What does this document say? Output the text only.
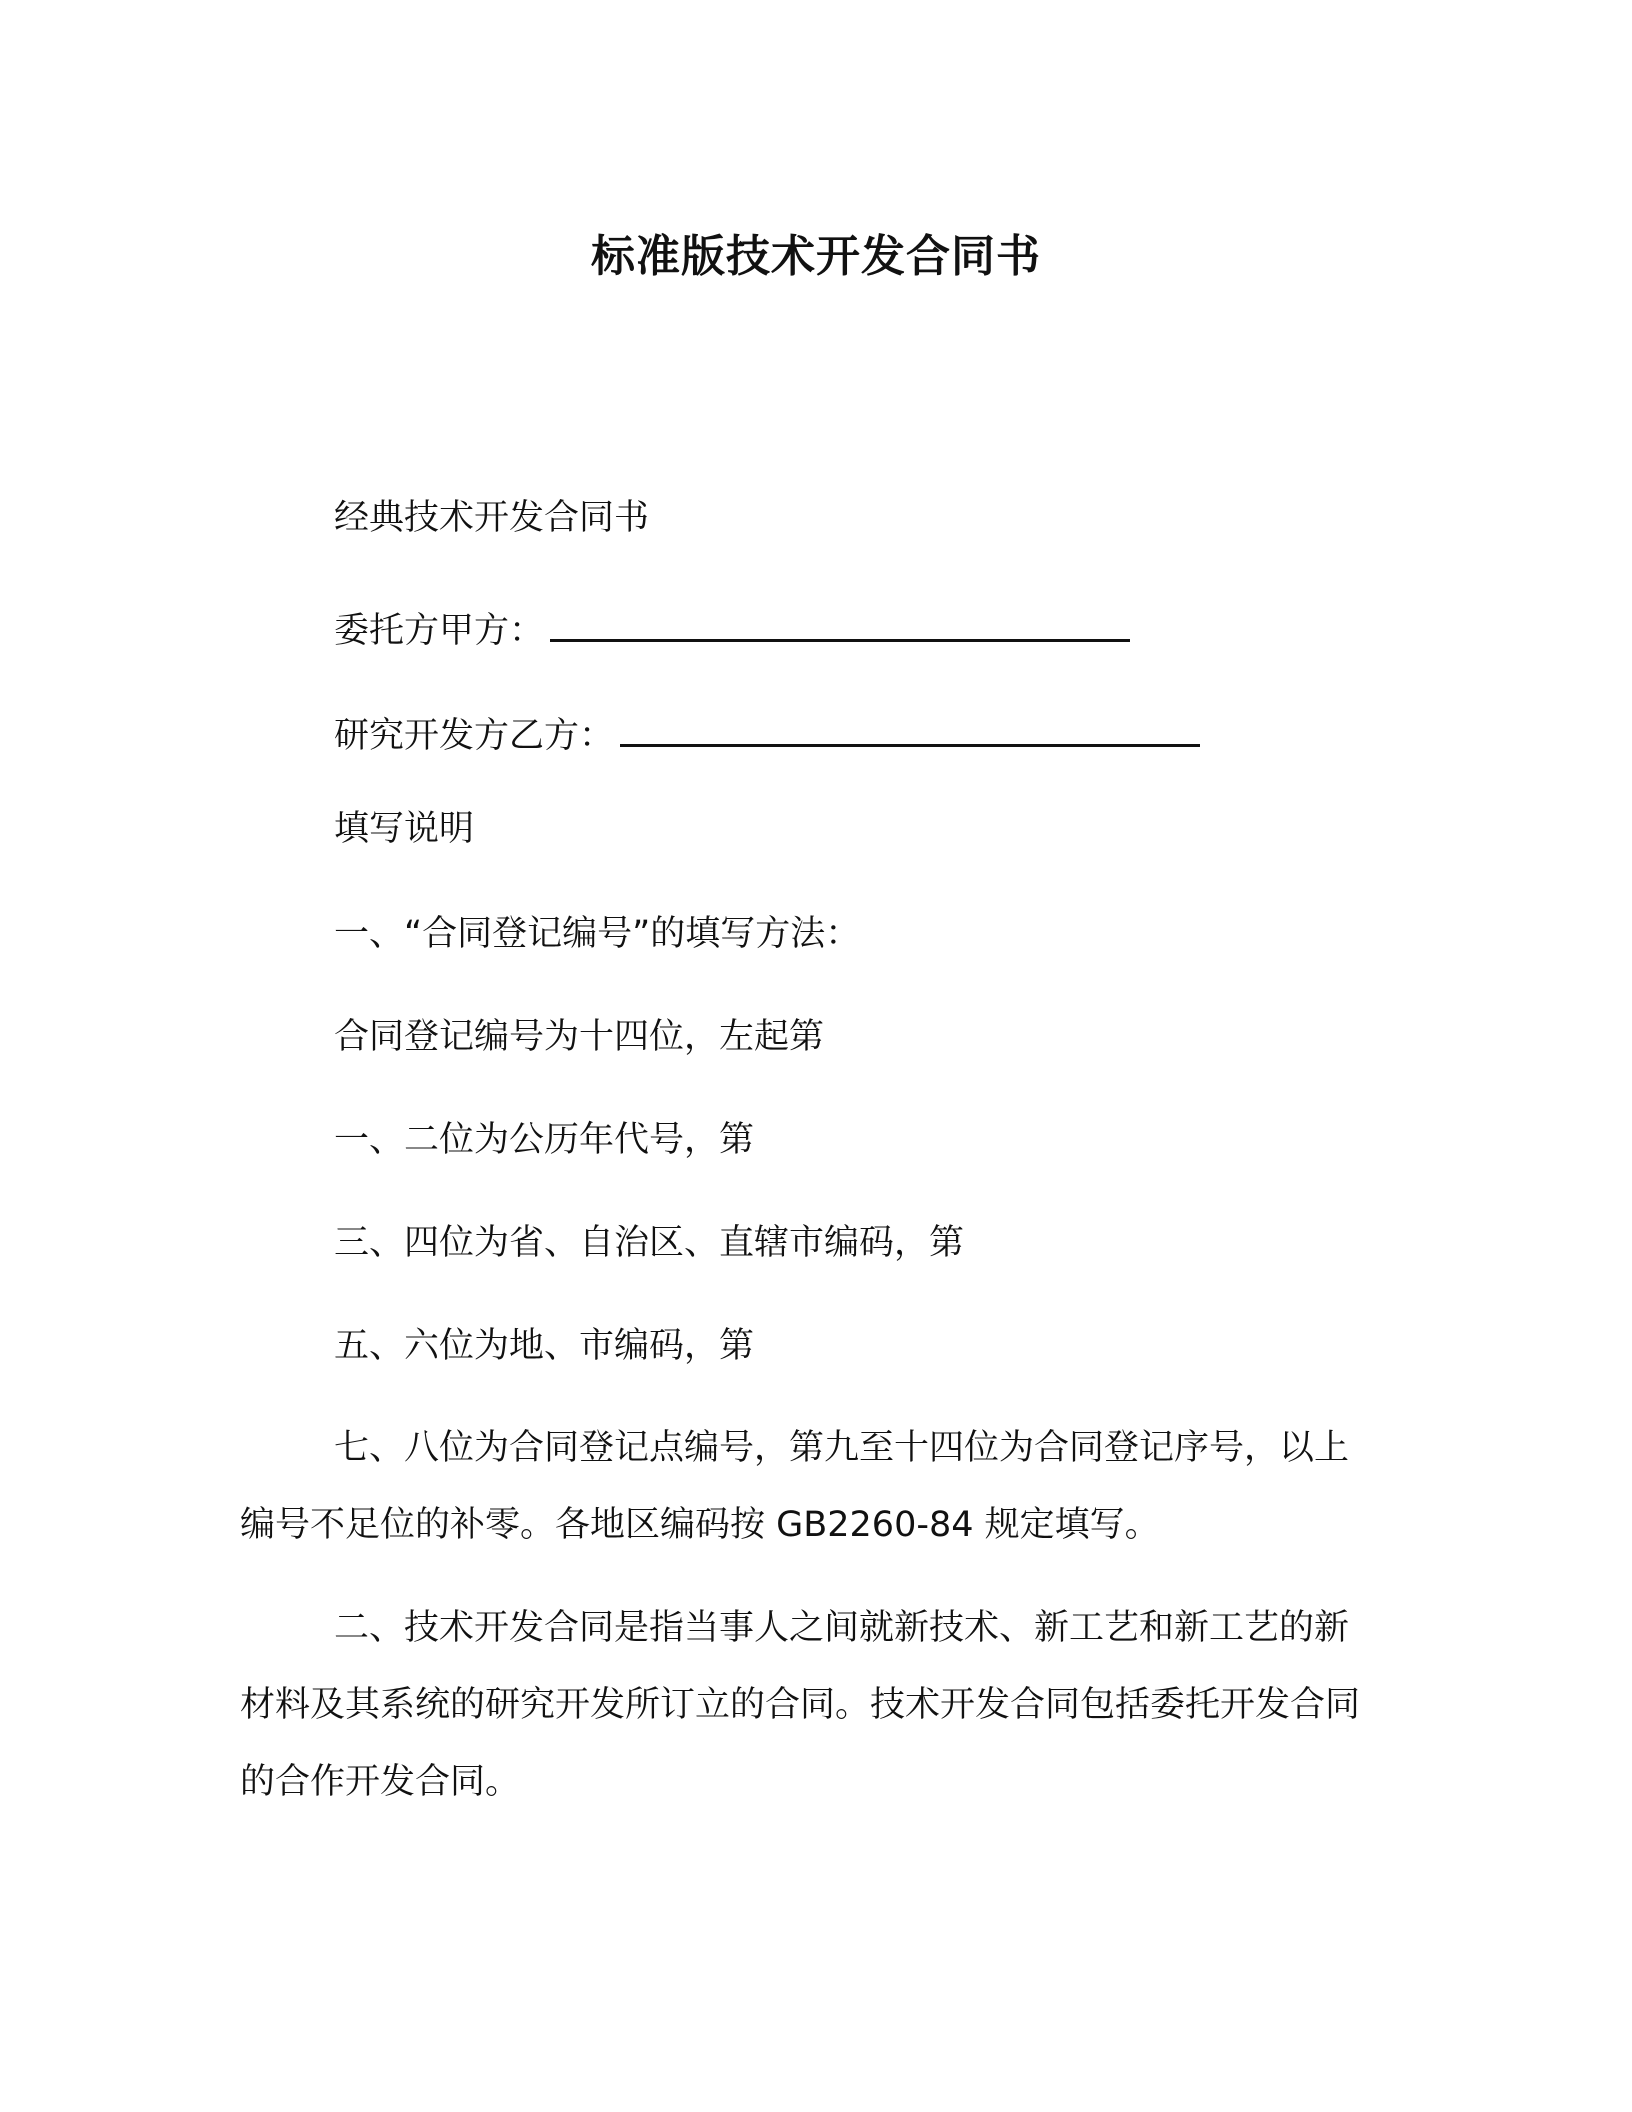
标准版技术开发合同书
经典技术开发合同书
委托方甲方：
研究开发方乙方：
填写说明
一、“合同登记编号”的填写方法：
合同登记编号为十四位，左起第
一、二位为公历年代号，第
三、四位为省、自治区、直辖市编码，第
五、六位为地、市编码，第
七、八位为合同登记点编号，第九至十四位为合同登记序号，以上编号不足位的补零。各地区编码按 GB2260-84 规定填写。
二、技术开发合同是指当事人之间就新技术、新工艺和新工艺的新材料及其系统的研究开发所订立的合同。技术开发合同包括委托开发合同的合作开发合同。
